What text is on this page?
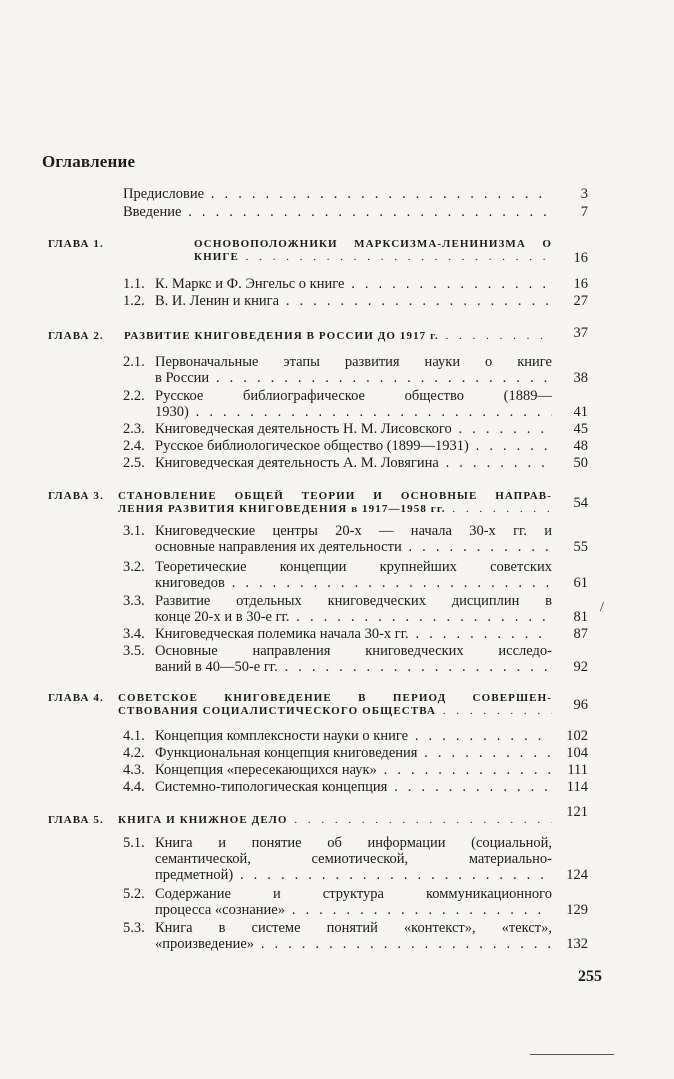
Оглавление
Предисловие . . .	3
Введение . . .	7
ГЛАВА 1.	ОСНОВОПОЛОЖНИКИ МАРКСИЗМА-ЛЕНИНИЗМА О
КНИГЕ . . .	16
1.1. К. Маркс и Ф. Энгельс о книге . . .	16
1.2. В. И. Ленин и книга . . .	27
ГЛАВА 2.	РАЗВИТИЕ КНИГОВЕДЕНИЯ В РОССИИ ДО 1917 г. . . .	37
2.1. Первоначальные этапы развития науки о книге
в России . . .	38
2.2. Русское библиографическое общество (1889—
1930) . . .	41
2.3. Книговедческая деятельность Н. М. Лисовского . . .	45
2.4. Русское библиологическое общество (1899—1931) . . .	48
2.5. Книговедческая деятельность А. М. Ловягина . . .	50
ГЛАВА 3.	СТАНОВЛЕНИЕ ОБЩЕЙ ТЕОРИИ И ОСНОВНЫЕ НАПРАВ-
ЛЕНИЯ РАЗВИТИЯ КНИГОВЕДЕНИЯ в 1917—1958 гг. . . .	54
3.1. Книговедческие центры 20-х — начала 30-х гг. и
основные направления их деятельности . . .	55
3.2. Теоретические концепции крупнейших советских
книговедов . . .	61
3.3. Развитие отдельных книговедческих дисциплин в
конце 20-х и в 30-е гг. . . .	81
3.4. Книговедческая полемика начала 30-х гг. . . .	87
3.5. Основные направления книговедческих исследо-
ваний в 40—50-е гг. . . .	92
ГЛАВА 4.	СОВЕТСКОЕ КНИГОВЕДЕНИЕ В ПЕРИОД СОВЕРШЕН-
СТВОВАНИЯ СОЦИАЛИСТИЧЕСКОГО ОБЩЕСТВА . . .	96
4.1. Концепция комплексности науки о книге . . .	102
4.2. Функциональная концепция книговедения . . .	104
4.3. Концепция «пересекающихся наук» . . .	111
4.4. Системно-типологическая концепция . . .	114
ГЛАВА 5.	КНИГА И КНИЖНОЕ ДЕЛО . . .	121
5.1. Книга и понятие об информации (социальной,
семантической, семиотической, материально-
предметной) . . .	124
5.2. Содержание и структура коммуникационного
процесса «сознание» . . .	129
5.3. Книга в системе понятий «контекст», «текст»,
«произведение» . . .	132
/
255
